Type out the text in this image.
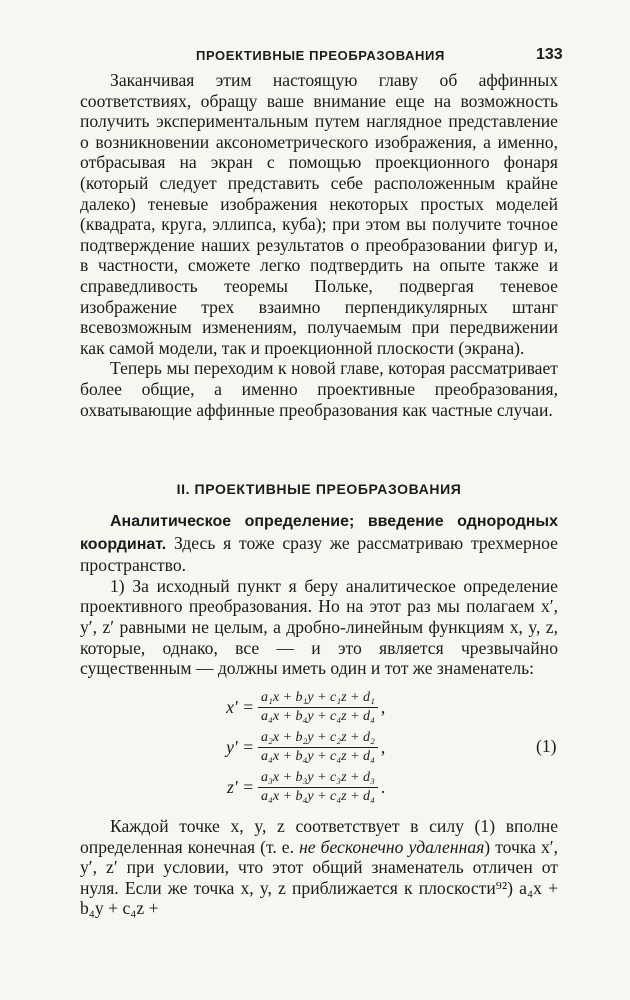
ПРОЕКТИВНЫЕ ПРЕОБРАЗОВАНИЯ	133

Заканчивая этим настоящую главу об аффинных соответствиях, обращу ваше внимание еще на возможность получить экспериментальным путем наглядное представление о возникновении аксонометрического изображения, а именно, отбрасывая на экран с помощью проекционного фонаря (который следует представить себе расположенным крайне далеко) теневые изображения некоторых простых моделей (квадрата, круга, эллипса, куба); при этом вы получите точное подтверждение наших результатов о преобразовании фигур и, в частности, сможете легко подтвердить на опыте также и справедливость теоремы Польке, подвергая теневое изображение трех взаимно перпендикулярных штанг всевозможным изменениям, получаемым при передвижении как самой модели, так и проекционной плоскости (экрана).

Теперь мы переходим к новой главе, которая рассматривает более общие, а именно проективные преобразования, охватывающие аффинные преобразования как частные случаи.

II. ПРОЕКТИВНЫЕ ПРЕОБРАЗОВАНИЯ

Аналитическое определение; введение однородных координат. Здесь я тоже сразу же рассматриваю трехмерное пространство.

1) За исходный пункт я беру аналитическое определение проективного преобразования. Но на этот раз мы полагаем x′, y′, z′ равными не целым, а дробно-линейным функциям x, y, z, которые, однако, все — и это является чрезвычайно существенным — должны иметь один и тот же знаменатель:

$x' = \frac{\text{a₁x + b₁y + c₁z + d₁}}{\text{a₄x + b₄y + c₄z + d₄}}$ ,
$y' = \frac{\text{a₂x + b₂y + c₂z + d₂}}{\text{a₄x + b₄y + c₄z + d₄}}$ ,
$z' = \frac{\text{a₃x + b₃y + c₃z + d₃}}{\text{a₄x + b₄y + c₄z + d₄}}$ .
(1)

Каждой точке x, y, z соответствует в силу (1) вполне определенная конечная (т. е. не бесконечно удаленная) точка x′, y′, z′ при условии, что этот общий знаменатель отличен от нуля. Если же точка x, y, z приближается к плоскости⁹²) a₄x + b₄y + c₄z +
